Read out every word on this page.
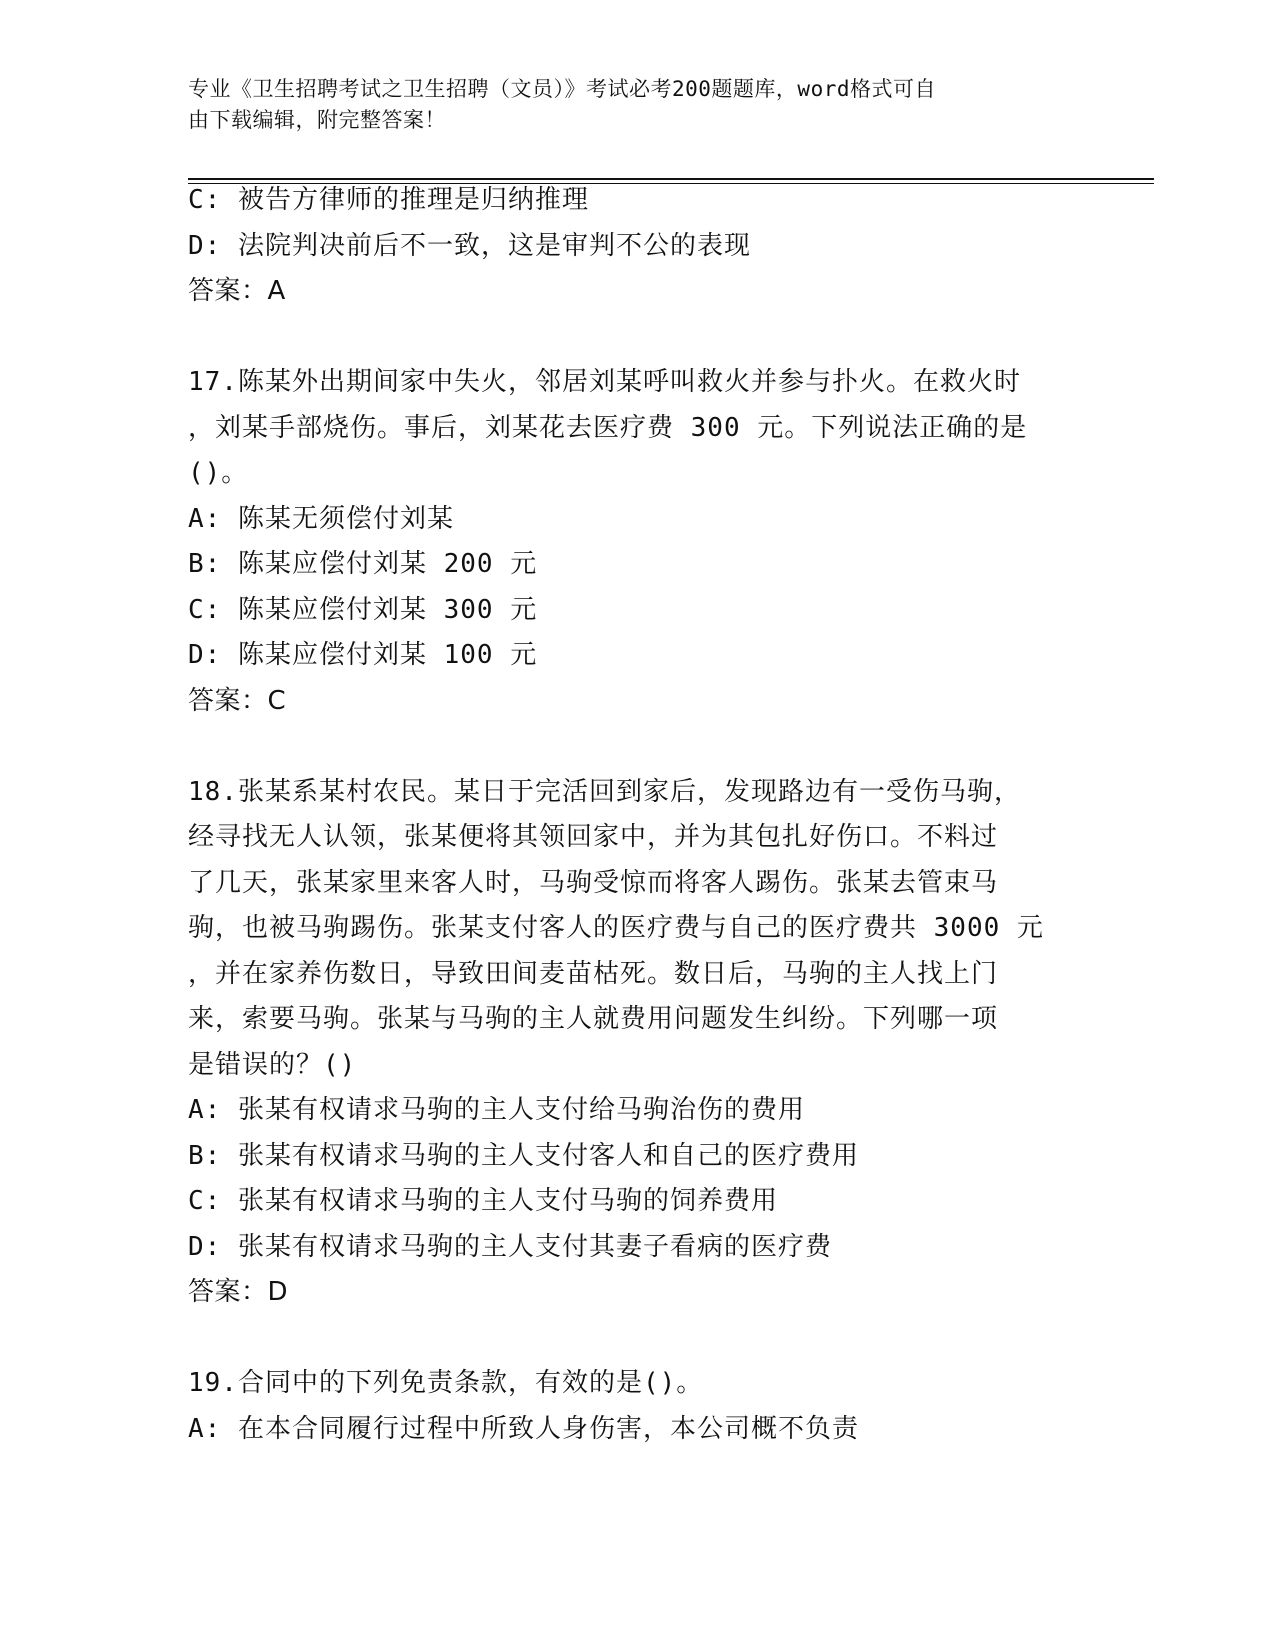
专业《卫生招聘考试之卫生招聘（文员）》考试必考200题题库，word格式可自
由下载编辑，附完整答案！

C: 被告方律师的推理是归纳推理

D: 法院判决前后不一致，这是审判不公的表现

答案：A

17.陈某外出期间家中失火，邻居刘某呼叫救火并参与扑火。在救火时

，刘某手部烧伤。事后，刘某花去医疗费 300 元。下列说法正确的是

()。

A: 陈某无须偿付刘某

B: 陈某应偿付刘某 200 元

C: 陈某应偿付刘某 300 元

D: 陈某应偿付刘某 100 元

答案：C

18.张某系某村农民。某日于完活回到家后，发现路边有一受伤马驹，

经寻找无人认领，张某便将其领回家中，并为其包扎好伤口。不料过

了几天，张某家里来客人时，马驹受惊而将客人踢伤。张某去管束马

驹，也被马驹踢伤。张某支付客人的医疗费与自己的医疗费共 3000 元

，并在家养伤数日，导致田间麦苗枯死。数日后，马驹的主人找上门

来，索要马驹。张某与马驹的主人就费用问题发生纠纷。下列哪一项

是错误的？()

A: 张某有权请求马驹的主人支付给马驹治伤的费用

B: 张某有权请求马驹的主人支付客人和自己的医疗费用

C: 张某有权请求马驹的主人支付马驹的饲养费用

D: 张某有权请求马驹的主人支付其妻子看病的医疗费

答案：D

19.合同中的下列免责条款，有效的是()。

A: 在本合同履行过程中所致人身伤害，本公司概不负责
